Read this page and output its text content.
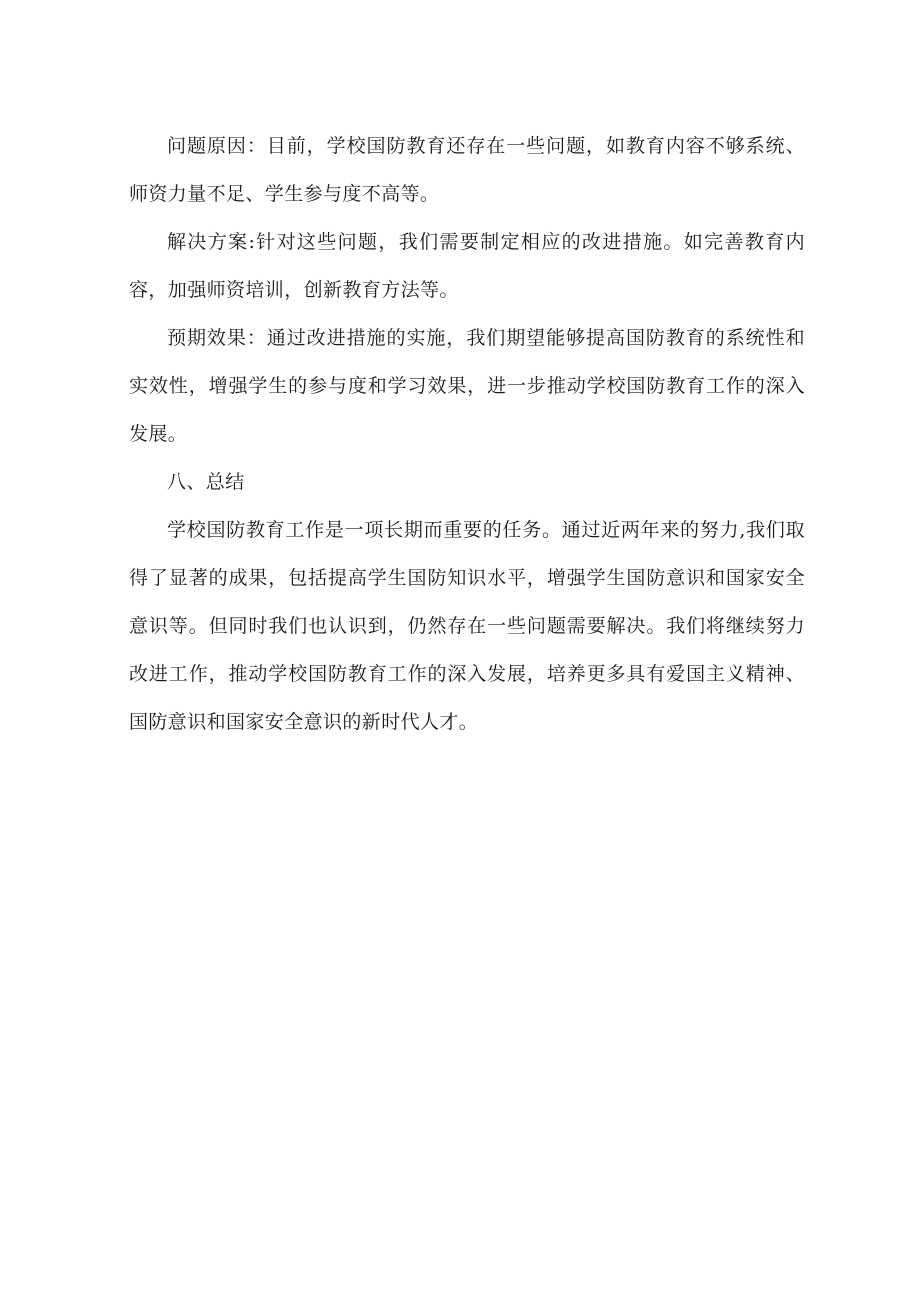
问题原因：目前，学校国防教育还存在一些问题，如教育内容不够系统、师资力量不足、学生参与度不高等。

解决方案:针对这些问题，我们需要制定相应的改进措施。如完善教育内容，加强师资培训，创新教育方法等。

预期效果：通过改进措施的实施，我们期望能够提高国防教育的系统性和实效性，增强学生的参与度和学习效果，进一步推动学校国防教育工作的深入发展。

八、总结

学校国防教育工作是一项长期而重要的任务。通过近两年来的努力,我们取得了显著的成果，包括提高学生国防知识水平，增强学生国防意识和国家安全意识等。但同时我们也认识到，仍然存在一些问题需要解决。我们将继续努力改进工作，推动学校国防教育工作的深入发展，培养更多具有爱国主义精神、国防意识和国家安全意识的新时代人才。
